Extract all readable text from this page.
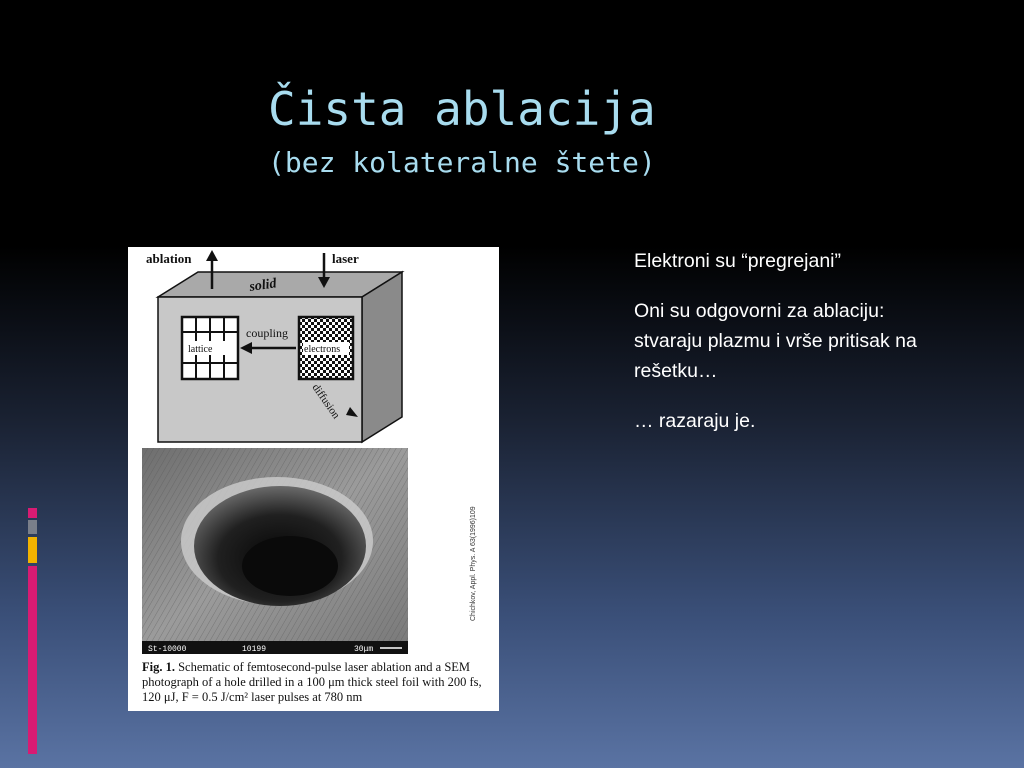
Čista ablacija
(bez kolateralne štete)
ablation	laser
solid
lattice	electrons
coupling
diffusion
St-10000	10199	30μm
Chichkov, Appl. Phys. A 63(1996)109
Fig. 1. Schematic of femtosecond-pulse laser ablation and a SEM photograph of a hole drilled in a 100 μm thick steel foil with 200 fs, 120 μJ, F = 0.5 J/cm² laser pulses at 780 nm

Elektroni su “pregrejani”

Oni su odgovorni za ablaciju:
stvaraju plazmu i vrše pritisak na rešetku…

… razaraju je.
